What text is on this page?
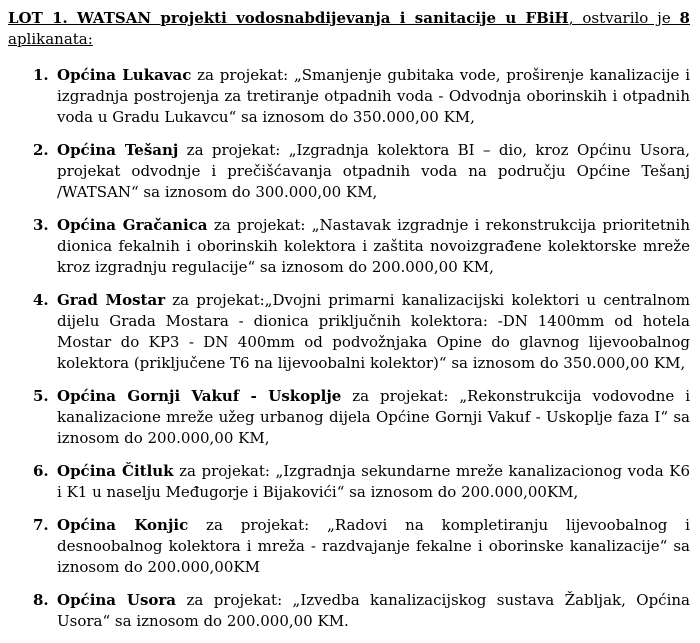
LOT 1. WATSAN projekti vodosnabdijevanja i sanitacije u FBiH, ostvarilo je 8 aplikanata:

1. Općina Lukavac za projekat: „Smanjenje gubitaka vode, proširenje kanalizacije i izgradnja postrojenja za tretiranje otpadnih voda - Odvodnja oborinskih i otpadnih voda u Gradu Lukavcu“ sa iznosom do 350.000,00 KM,
2. Općina Tešanj za projekat: „Izgradnja kolektora BI – dio, kroz Općinu Usora, projekat odvodnje i prečišćavanja otpadnih voda na području Općine Tešanj /WATSAN“ sa iznosom do 300.000,00 KM,
3. Općina Gračanica za projekat: „Nastavak izgradnje i rekonstrukcija prioritetnih dionica fekalnih i oborinskih kolektora i zaštita novoizgrađene kolektorske mreže kroz izgradnju regulacije“ sa iznosom do 200.000,00 KM,
4. Grad Mostar za projekat:„Dvojni primarni kanalizacijski kolektori u centralnom dijelu Grada Mostara - dionica priključnih kolektora: -DN 1400mm od hotela Mostar do KP3 - DN 400mm od podvožnjaka Opine do glavnog lijevoobalnog kolektora (priključene T6 na lijevoobalni kolektor)“ sa iznosom do 350.000,00 KM,
5. Općina Gornji Vakuf - Uskoplje za projekat: „Rekonstrukcija vodovodne i kanalizacione mreže užeg urbanog dijela Općine Gornji Vakuf - Uskoplje faza I“ sa iznosom do 200.000,00 KM,
6. Općina Čitluk za projekat: „Izgradnja sekundarne mreže kanalizacionog voda K6 i K1 u naselju Međugorje i Bijakovići“ sa iznosom do 200.000,00KM,
7. Općina Konjic za projekat: „Radovi na kompletiranju lijevoobalnog i desnoobalnog kolektora i mreža - razdvajanje fekalne i oborinske kanalizacije“ sa iznosom do 200.000,00KM
8. Općina Usora za projekat: „Izvedba kanalizacijskog sustava Žabljak, Općina Usora“ sa iznosom do 200.000,00 KM.
